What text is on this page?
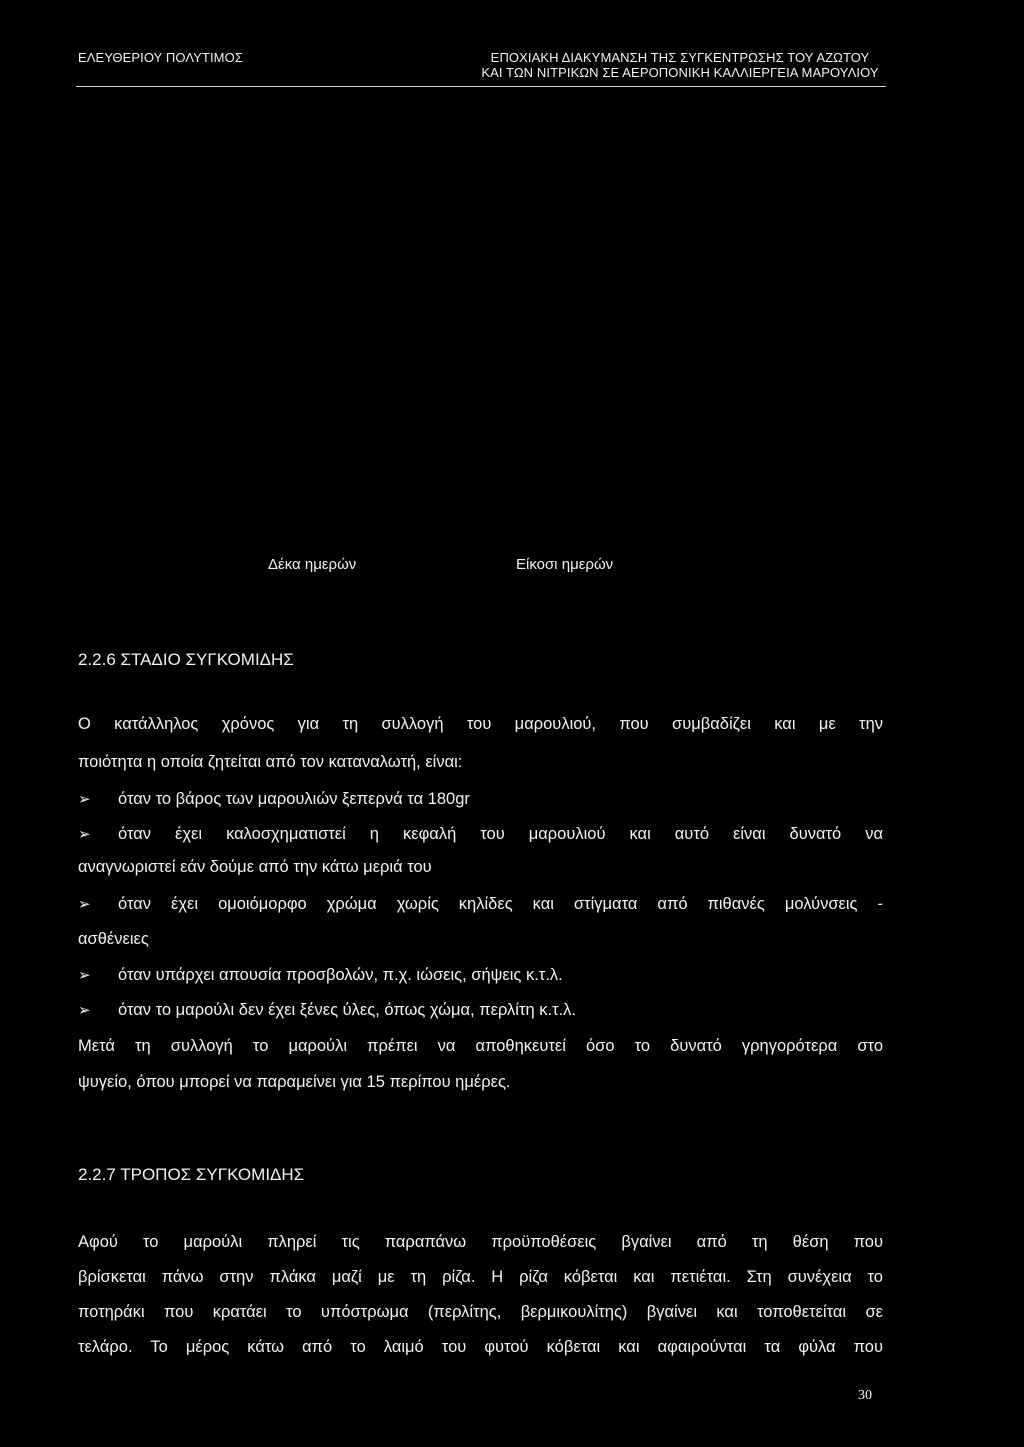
ΕΛΕΥΘΕΡΙΟΥ ΠΟΛΥΤΙΜΟΣ	ΕΠΟΧΙΑΚΗ ΔΙΑΚΥΜΑΝΣΗ ΤΗΣ ΣΥΓΚΕΝΤΡΩΣΗΣ ΤΟΥ ΑΖΩΤΟΥ
ΚΑΙ ΤΩΝ ΝΙΤΡΙΚΩΝ ΣΕ ΑΕΡΟΠΟΝΙΚΗ ΚΑΛΛΙΕΡΓΕΙΑ ΜΑΡΟΥΛΙΟΥ
Δέκα ημερών	Είκοσι ημερών
2.2.6 ΣΤΑΔΙΟ ΣΥΓΚΟΜΙΔΗΣ
Ο κατάλληλος χρόνος για τη συλλογή του μαρουλιού, που συμβαδίζει και με την
ποιότητα η οποία ζητείται από τον καταναλωτή, είναι:
➢ όταν το βάρος των μαρουλιών ξεπερνά τα 180gr
➢	όταν έχει καλοσχηματιστεί η κεφαλή του μαρουλιού και αυτό είναι δυνατό να
αναγνωριστεί εάν δούμε από την κάτω μεριά του
➢	όταν έχει ομοιόμορφο χρώμα χωρίς κηλίδες και στίγματα από πιθανές μολύνσεις -
ασθένειες
➢ όταν υπάρχει απουσία προσβολών, π.χ. ιώσεις, σήψεις κ.τ.λ.
➢ όταν το μαρούλι δεν έχει ξένες ύλες, όπως χώμα, περλίτη κ.τ.λ.
Μετά τη συλλογή το μαρούλι πρέπει να αποθηκευτεί όσο το δυνατό γρηγορότερα στο
ψυγείο, όπου μπορεί να παραμείνει για 15 περίπου ημέρες.
2.2.7 ΤΡΟΠΟΣ ΣΥΓΚΟΜΙΔΗΣ
Αφού το μαρούλι πληρεί τις παραπάνω προϋποθέσεις βγαίνει από τη θέση που
βρίσκεται πάνω στην πλάκα μαζί με τη ρίζα. Η ρίζα κόβεται και πετιέται. Στη συνέχεια το
ποτηράκι που κρατάει το υπόστρωμα (περλίτης, βερμικουλίτης) βγαίνει και τοποθετείται σε
τελάρο. Το μέρος κάτω από το λαιμό του φυτού κόβεται και αφαιρούνται τα φύλα που
30
